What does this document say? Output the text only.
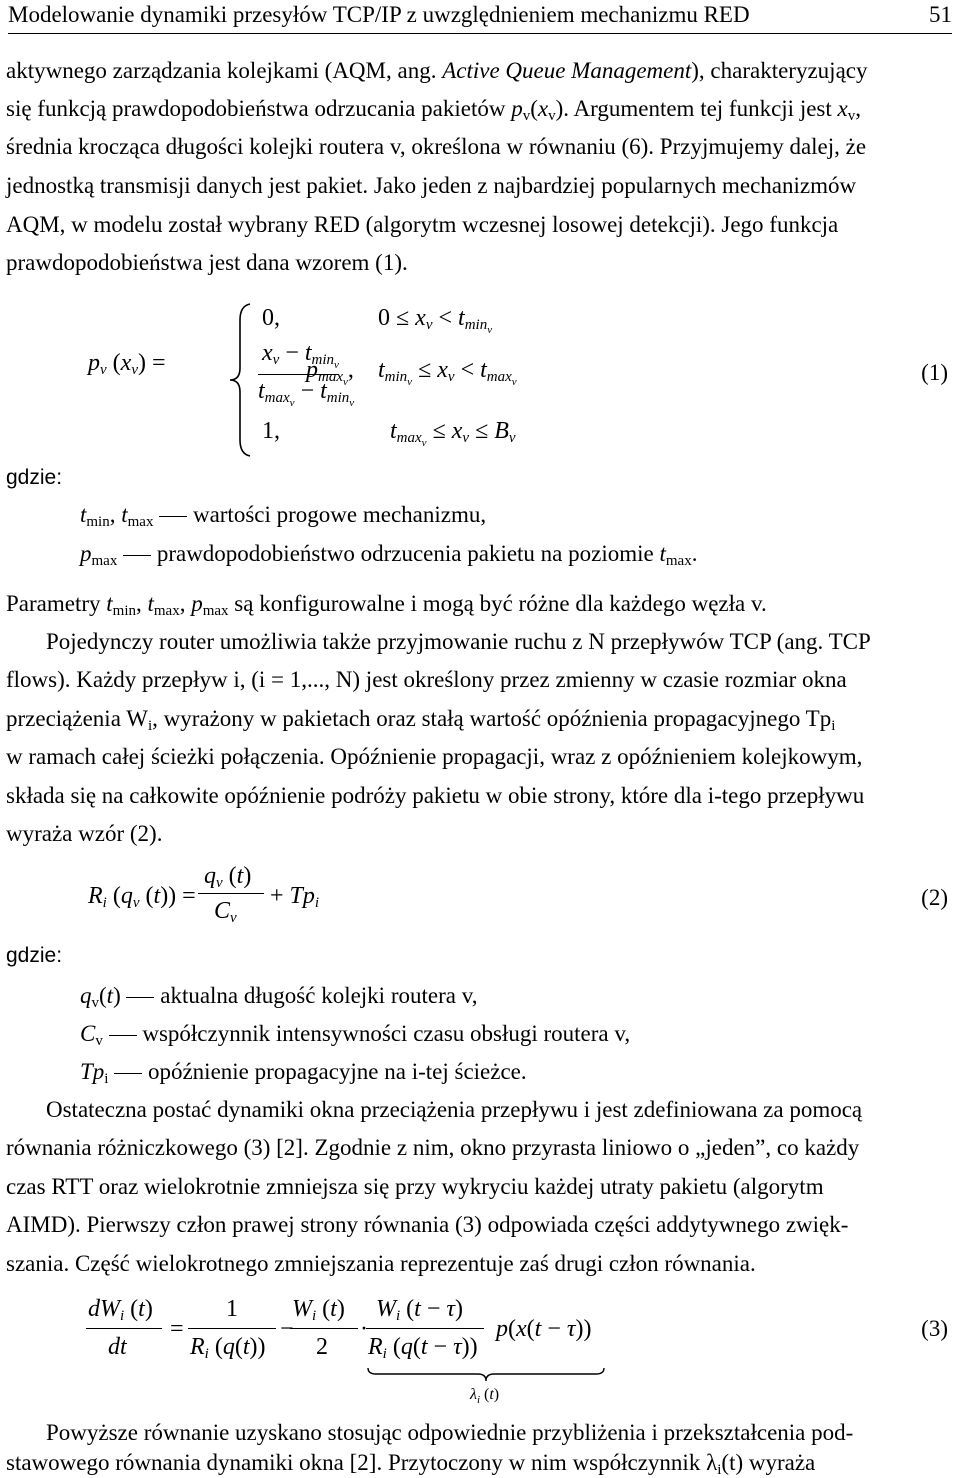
Modelowanie dynamiki przesyłów TCP/IP z uwzględnieniem mechanizmu RED	51
aktywnego zarządzania kolejkami (AQM, ang. Active Queue Management), charakteryzujący
się funkcją prawdopodobieństwa odrzucania pakietów $p_v(x_v)$. Argumentem tej funkcji jest $x_v$,
średnia krocząca długości kolejki routera v, określona w równaniu (6). Przyjmujemy dalej, że
jednostką transmisji danych jest pakiet. Jako jeden z najbardziej popularnych mechanizmów
AQM, w modelu został wybrany RED (algorytm wczesnej losowej detekcji). Jego funkcja
prawdopodobieństwa jest dana wzorem (1).
$p_v$ $(x_v)$ =
0,	$0 \le x_v < t_{min_v}$
$x_v - t_{min_v}$
$t_{max_v} - t_{min_v}$
$p_{max_v}$, $t_{min_v} \le x_v < t_{max_v}$
1,	$t_{max_v} \le x_v \le B_v$
(1)
gdzie:
$t_{min}$, $t_{max}$  wartości progowe mechanizmu,
$p_{max}$  prawdopodobieństwo odrzucenia pakietu na poziomie $t_{max}$.
Parametry $t_{min}$, $t_{max}$, $p_{max}$ są konfigurowalne i mogą być różne dla każdego węzła v.
Pojedynczy router umożliwia także przyjmowanie ruchu z N przepływów TCP (ang. TCP
flows). Każdy przepływ i, (i = 1,..., N) jest określony przez zmienny w czasie rozmiar okna
przeciążenia $W_i$, wyrażony w pakietach oraz stałą wartość opóźnienia propagacyjnego $Tp_i$
w ramach całej ścieżki połączenia. Opóźnienie propagacji, wraz z opóźnieniem kolejkowym,
składa się na całkowite opóźnienie podróży pakietu w obie strony, które dla i-tego przepływu
wyraża wzór (2).
$R_i$ ($q_v$ (t)) =
$q_v$ (t)
$C_v$
+ $Tp_i$	(2)
gdzie:
$q_v(t)$  aktualna długość kolejki routera v,
$C_v$  współczynnik intensywności czasu obsługi routera v,
$Tp_i$  opóźnienie propagacyjne na i-tej ścieżce.
Ostateczna postać dynamiki okna przeciążenia przepływu i jest zdefiniowana za pomocą
równania różniczkowego (3) [2]. Zgodnie z nim, okno przyrasta liniowo o „jeden”, co każdy
czas RTT oraz wielokrotnie zmniejsza się przy wykryciu każdej utraty pakietu (algorytm
AIMD). Pierwszy człon prawej strony równania (3) odpowiada części addytywnego zwięk-
szania. Część wielokrotnego zmniejszania reprezentuje zaś drugi człon równania.
$dW_i$ (t)
dt
=
1
$R_i$ (q(t))
−
$W_i$ (t)
2
·
$W_i$ (t − τ)
$R_i$ (q(t − τ))
p(x(t − τ))
$\lambda_i$ (t)
(3)
Powyższe równanie uzyskano stosując odpowiednie przybliżenia i przekształcenia pod-
stawowego równania dynamiki okna [2]. Przytoczony w nim współczynnik $\lambda_i(t)$ wyraża
